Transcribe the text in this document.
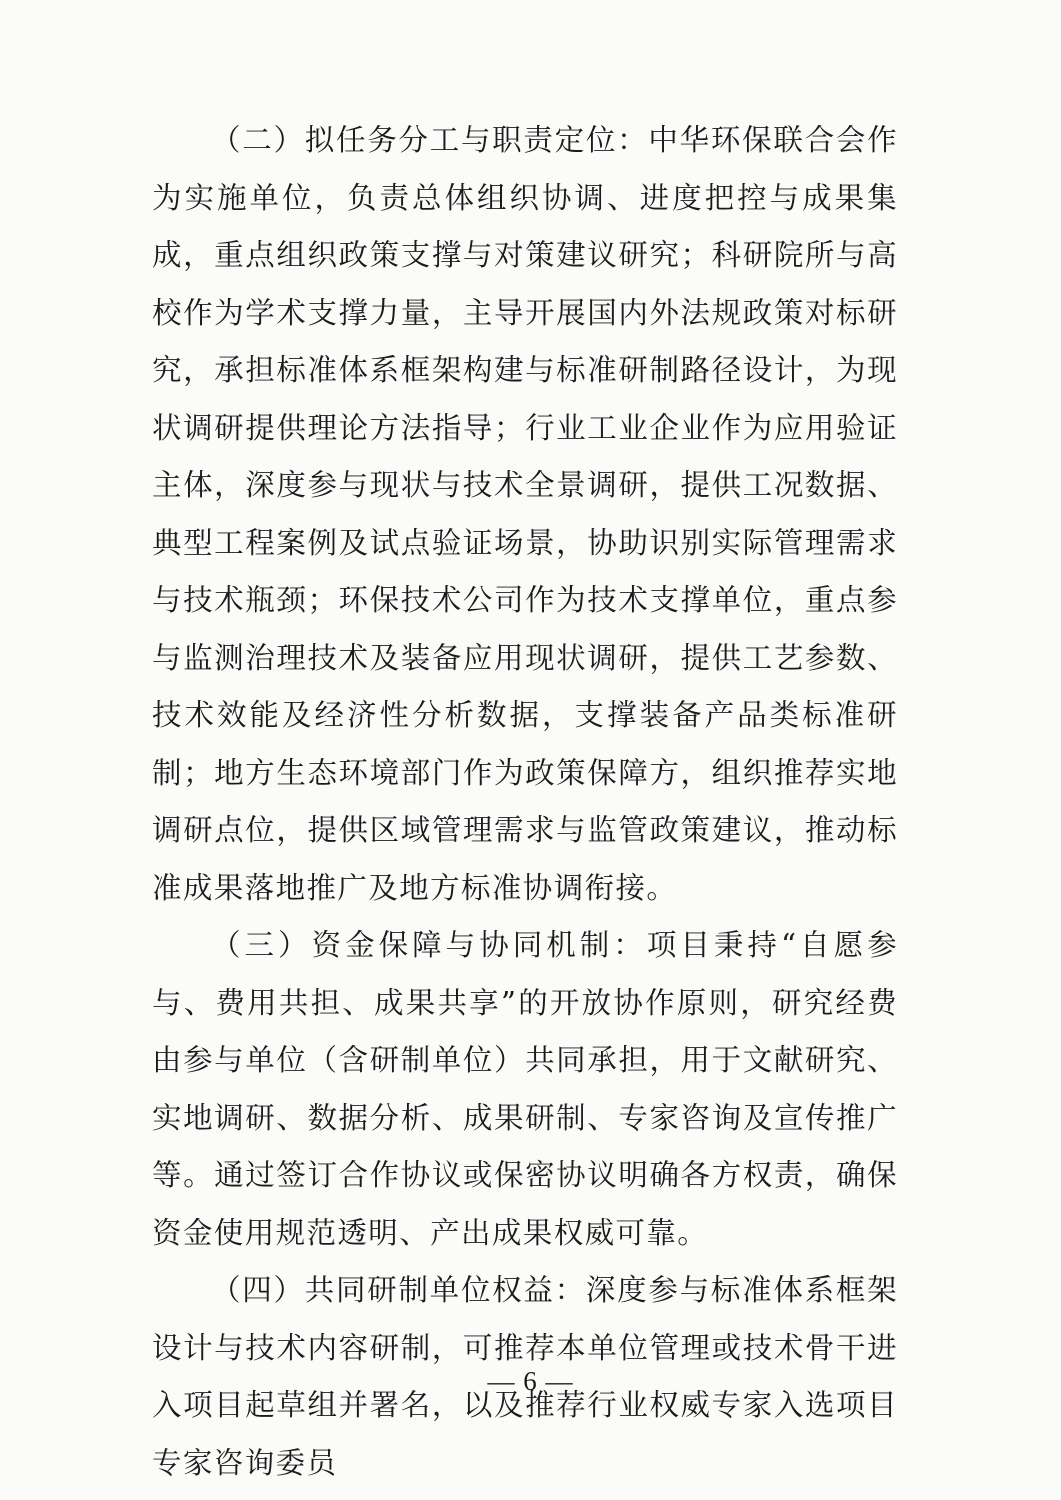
（二）拟任务分工与职责定位：中华环保联合会作为实施单位，负责总体组织协调、进度把控与成果集成，重点组织政策支撑与对策建议研究；科研院所与高校作为学术支撑力量，主导开展国内外法规政策对标研究，承担标准体系框架构建与标准研制路径设计，为现状调研提供理论方法指导；行业工业企业作为应用验证主体，深度参与现状与技术全景调研，提供工况数据、典型工程案例及试点验证场景，协助识别实际管理需求与技术瓶颈；环保技术公司作为技术支撑单位，重点参与监测治理技术及装备应用现状调研，提供工艺参数、技术效能及经济性分析数据，支撑装备产品类标准研制；地方生态环境部门作为政策保障方，组织推荐实地调研点位，提供区域管理需求与监管政策建议，推动标准成果落地推广及地方标准协调衔接。

（三）资金保障与协同机制：项目秉持“自愿参与、费用共担、成果共享”的开放协作原则，研究经费由参与单位（含研制单位）共同承担，用于文献研究、实地调研、数据分析、成果研制、专家咨询及宣传推广等。通过签订合作协议或保密协议明确各方权责，确保资金使用规范透明、产出成果权威可靠。

（四）共同研制单位权益：深度参与标准体系框架设计与技术内容研制，可推荐本单位管理或技术骨干进入项目起草组并署名，以及推荐行业权威专家入选项目专家咨询委员

— 6 —
